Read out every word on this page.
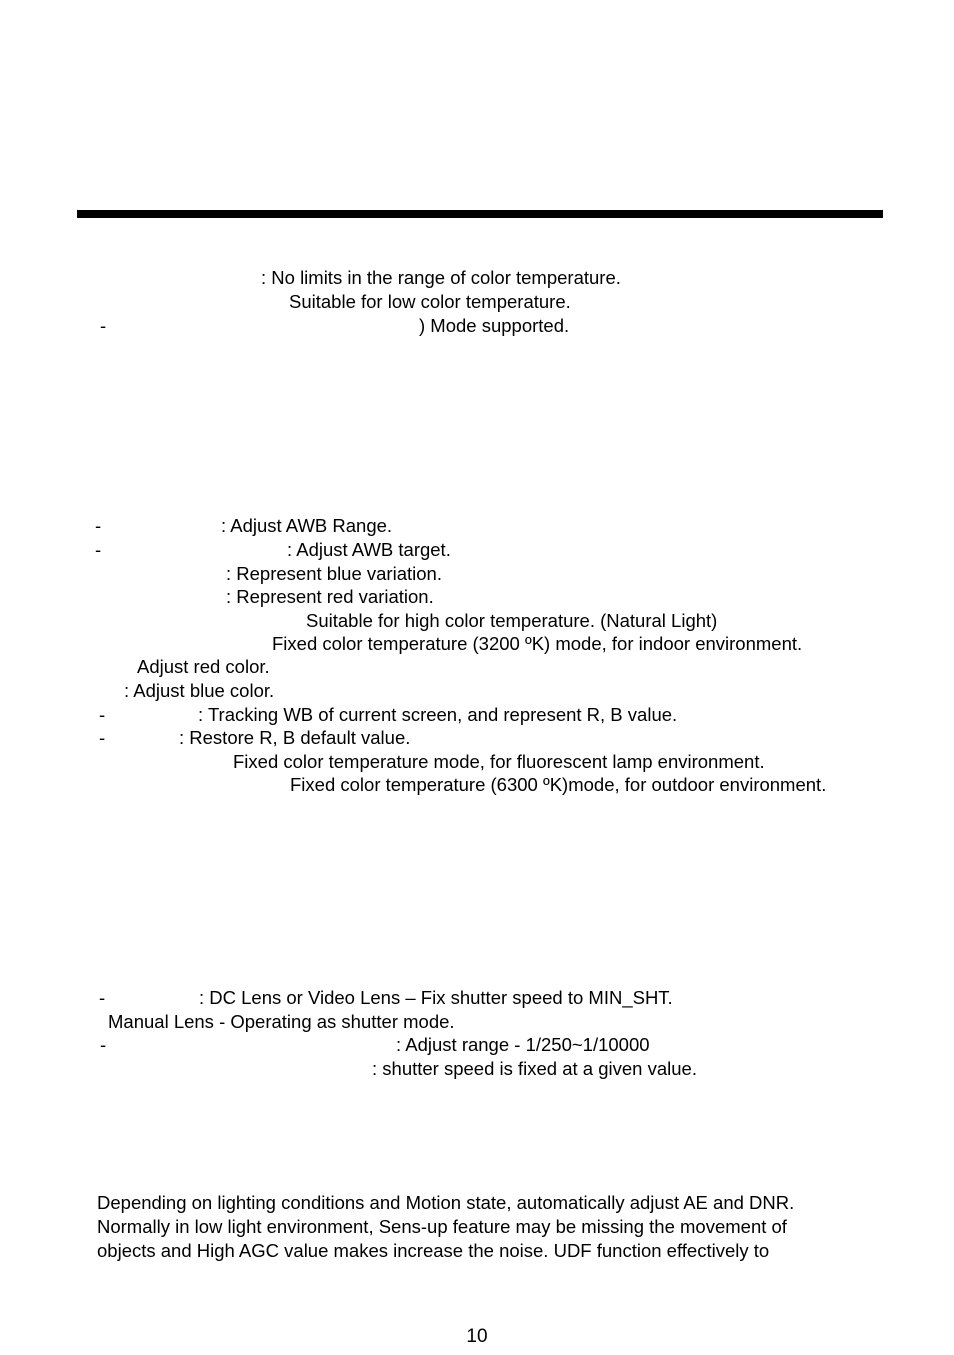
: No limits in the range of color temperature.
Suitable for low color temperature.
-	) Mode supported.
-	: Adjust AWB Range.
-	: Adjust AWB target.
: Represent blue variation.
: Represent red variation.
Suitable for high color temperature. (Natural Light)
Fixed color temperature (3200 ºK) mode, for indoor environment.
Adjust red color.
: Adjust blue color.
-	: Tracking WB of current screen, and represent R, B value.
-	: Restore R, B default value.
Fixed color temperature mode, for fluorescent lamp environment.
Fixed color temperature (6300 ºK)mode, for outdoor environment.
-	: DC Lens or Video Lens – Fix shutter speed to MIN_SHT.
Manual Lens - Operating as shutter mode.
-	: Adjust range - 1/250~1/10000
: shutter speed is fixed at a given value.
Depending on lighting conditions and Motion state, automatically adjust AE and DNR.
Normally in low light environment, Sens-up feature may be missing the movement of
objects and High AGC value makes increase the noise. UDF function effectively to
10
